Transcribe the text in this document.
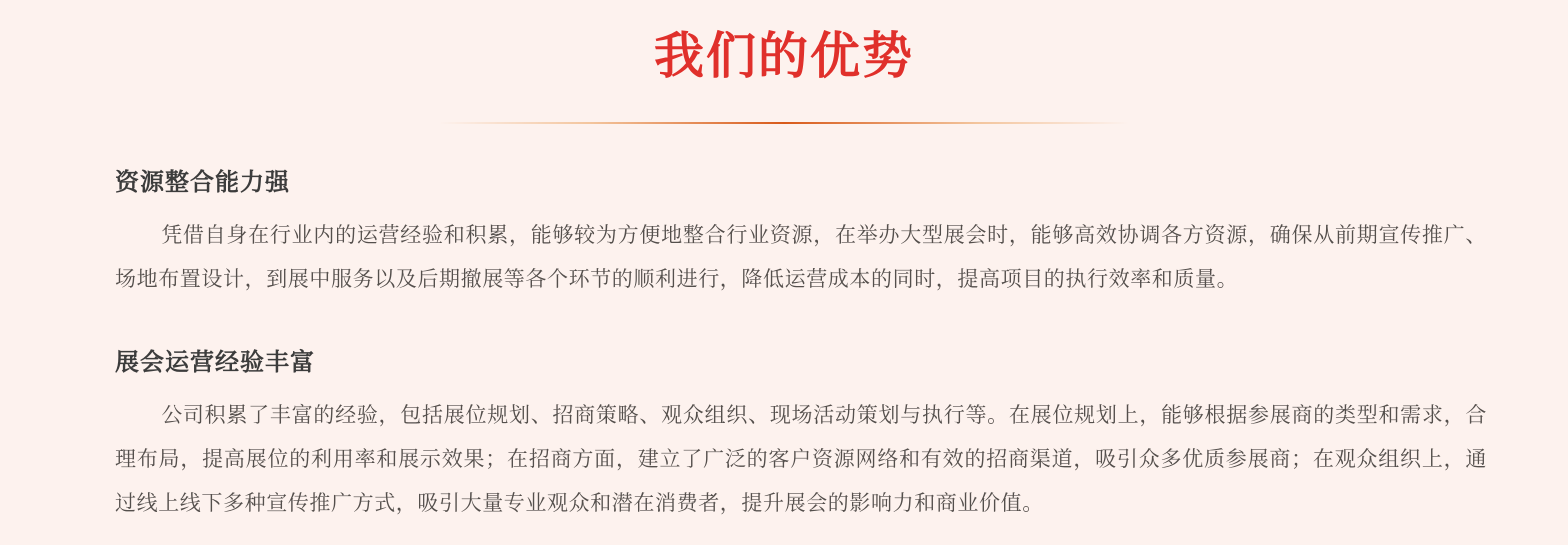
我们的优势
资源整合能力强

凭借自身在行业内的运营经验和积累，能够较为方便地整合行业资源，在举办大型展会时，能够高效协调各方资源，确保从前期宣传推广、场地布置设计，到展中服务以及后期撤展等各个环节的顺利进行，降低运营成本的同时，提高项目的执行效率和质量。

展会运营经验丰富

公司积累了丰富的经验，包括展位规划、招商策略、观众组织、现场活动策划与执行等。在展位规划上，能够根据参展商的类型和需求，合理布局，提高展位的利用率和展示效果；在招商方面，建立了广泛的客户资源网络和有效的招商渠道，吸引众多优质参展商；在观众组织上，通过线上线下多种宣传推广方式，吸引大量专业观众和潜在消费者，提升展会的影响力和商业价值。
